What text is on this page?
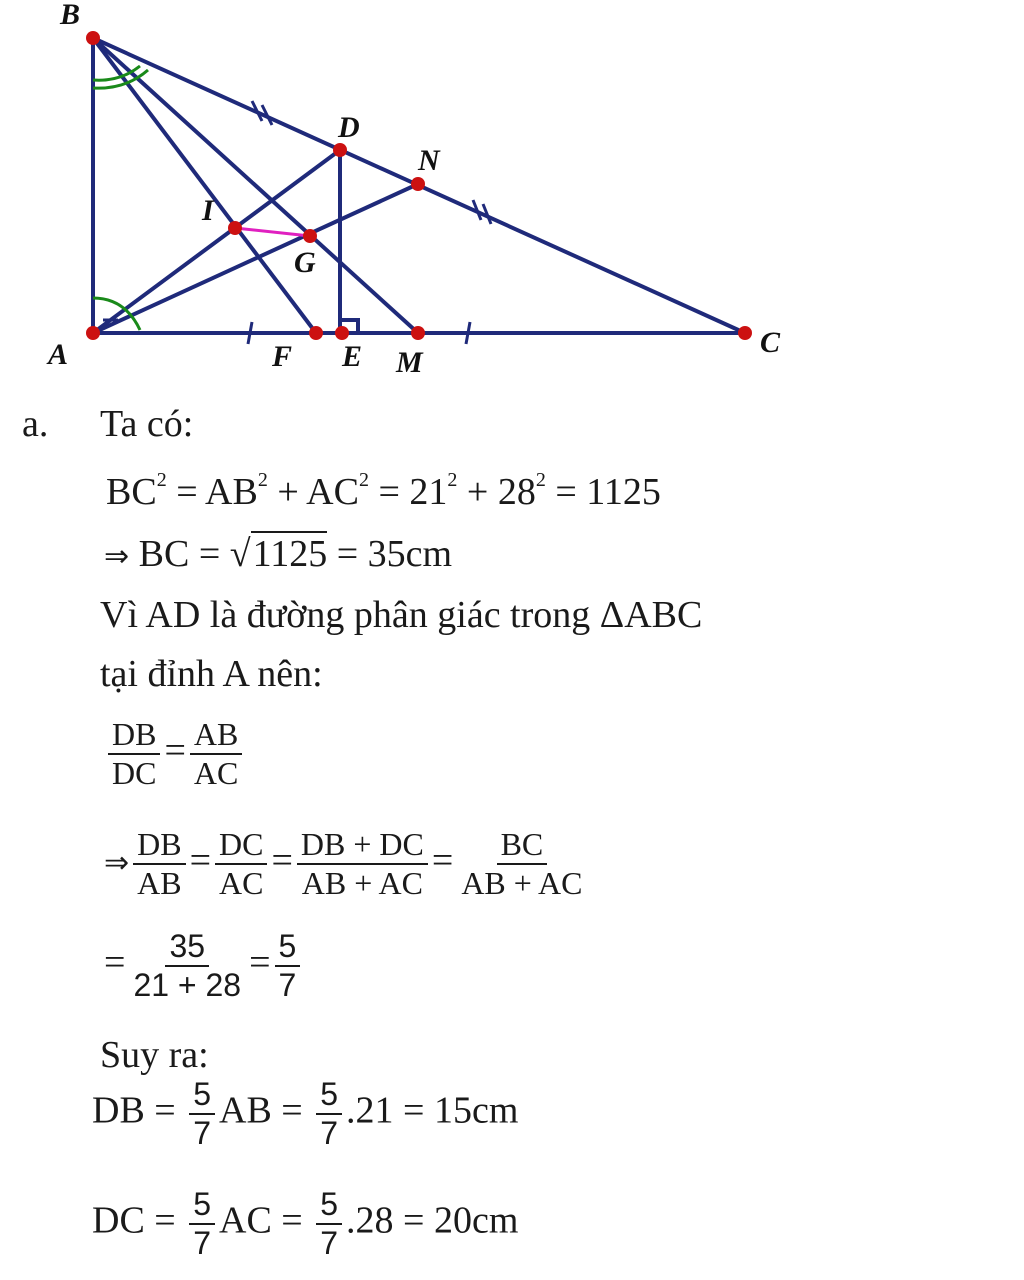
B
D
N
I
G
A	F E M
C
a. Ta có:
$BC^2 = AB^2 + AC^2 = 21^2 + 28^2 = 1125$
⇒ BC = √1125 = 35cm
Vì AD là đường phân giác trong ΔABC
tại đỉnh A nên:
$\frac{DB}{DC} = \frac{AB}{AC}$
⇒ $\frac{DB}{AB} = \frac{DC}{AC} = \frac{DB + DC}{AB + AC} = \frac{BC}{AB + AC}$
= $\frac{35}{21 + 28} = \frac{5}{7}$
Suy ra:
DB = $\frac{5}{7}$ AB = $\frac{5}{7} .21 = 15cm$
DC = $\frac{5}{7}$ AC = $\frac{5}{7} .28 = 20cm$
